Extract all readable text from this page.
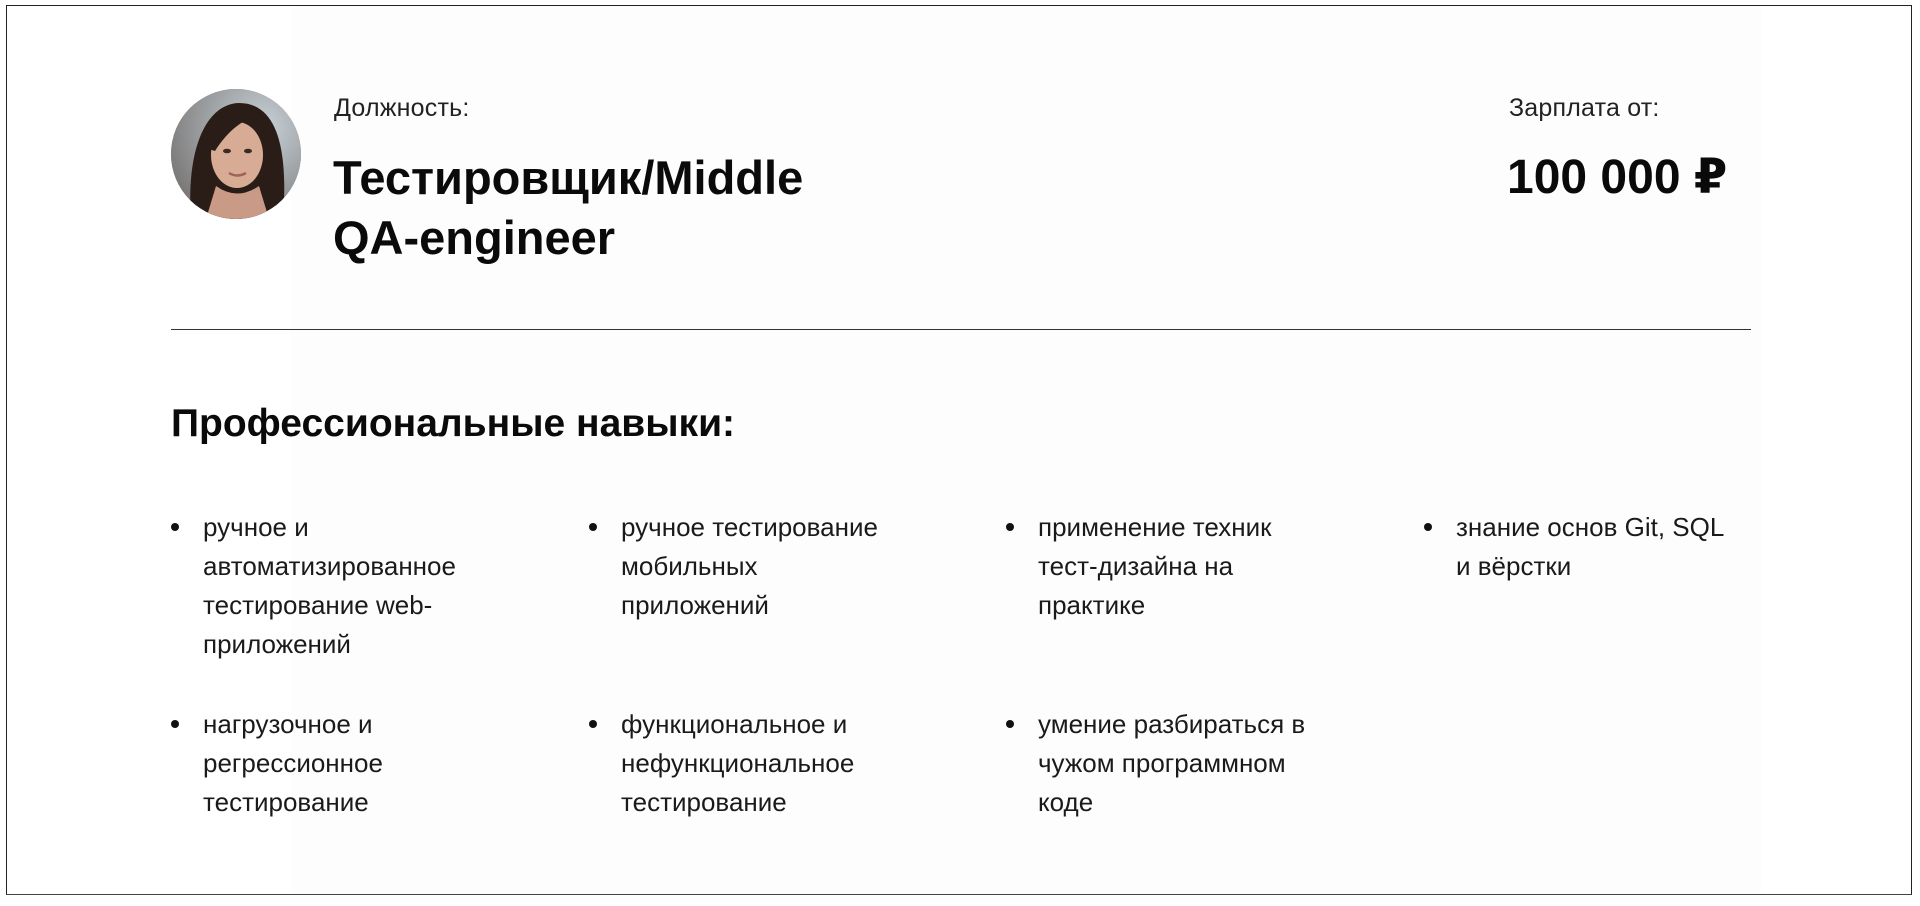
Должность:
Тестировщик/Middle
QA-engineer
Зарплата от:
100 000 ₽
Профессиональные навыки:
ручное и автоматизированное тестирование web-приложений
ручное тестирование мобильных приложений
применение техник тест-дизайна на практике
знание основ Git, SQL и вёрстки
нагрузочное и регрессионное тестирование
функциональное и нефункциональное тестирование
умение разбираться в чужом программном коде
